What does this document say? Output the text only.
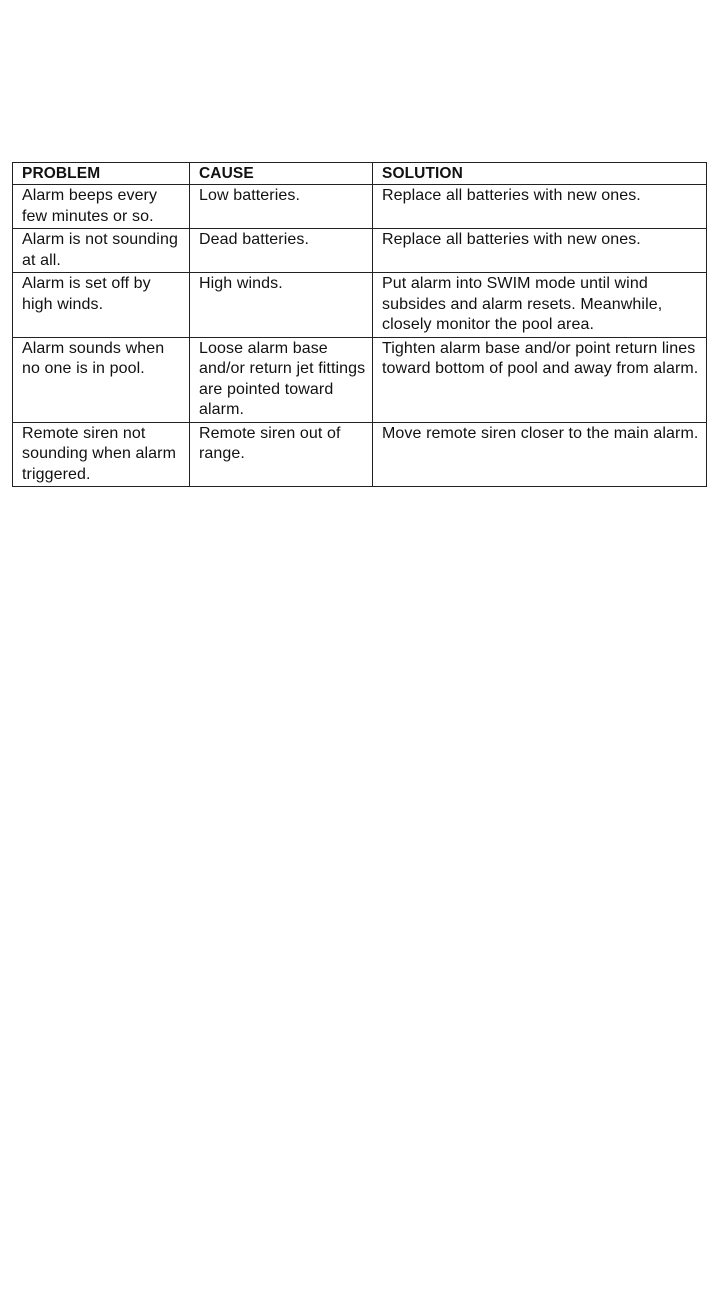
PROBLEM	CAUSE	SOLUTION

Alarm beeps every few minutes or so.	Low batteries.	Replace all batteries with new ones.

Alarm is not sounding at all.	Dead batteries.	Replace all batteries with new ones.

Alarm is set off by high winds.	High winds.	Put alarm into SWIM mode until wind subsides and alarm resets. Meanwhile, closely monitor the pool area.

Alarm sounds when no one is in pool.	Loose alarm base and/or return jet fittings are pointed toward alarm.	Tighten alarm base and/or point return lines toward bottom of pool and away from alarm.

Remote siren not sounding when alarm triggered.	Remote siren out of range.	Move remote siren closer to the main alarm.
